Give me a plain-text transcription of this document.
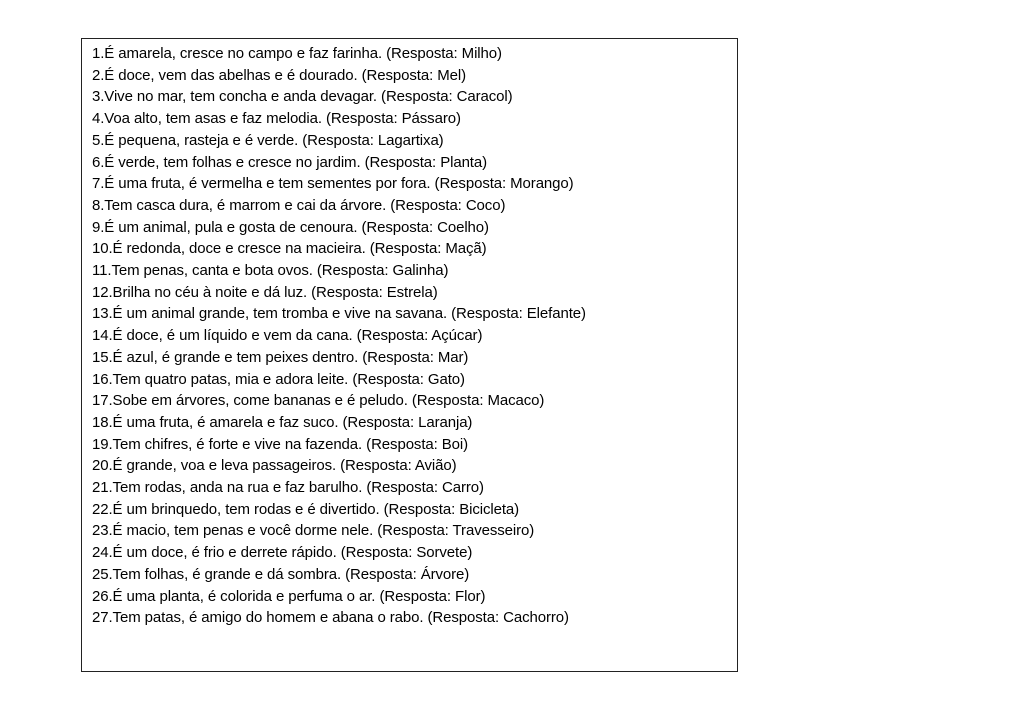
1.É amarela, cresce no campo e faz farinha. (Resposta: Milho)
2.É doce, vem das abelhas e é dourado. (Resposta: Mel)
3.Vive no mar, tem concha e anda devagar. (Resposta: Caracol)
4.Voa alto, tem asas e faz melodia. (Resposta: Pássaro)
5.É pequena, rasteja e é verde. (Resposta: Lagartixa)
6.É verde, tem folhas e cresce no jardim. (Resposta: Planta)
7.É uma fruta, é vermelha e tem sementes por fora. (Resposta: Morango)
8.Tem casca dura, é marrom e cai da árvore. (Resposta: Coco)
9.É um animal, pula e gosta de cenoura. (Resposta: Coelho)
10.É redonda, doce e cresce na macieira. (Resposta: Maçã)
11.Tem penas, canta e bota ovos. (Resposta: Galinha)
12.Brilha no céu à noite e dá luz. (Resposta: Estrela)
13.É um animal grande, tem tromba e vive na savana. (Resposta: Elefante)
14.É doce, é um líquido e vem da cana. (Resposta: Açúcar)
15.É azul, é grande e tem peixes dentro. (Resposta: Mar)
16.Tem quatro patas, mia e adora leite. (Resposta: Gato)
17.Sobe em árvores, come bananas e é peludo. (Resposta: Macaco)
18.É uma fruta, é amarela e faz suco. (Resposta: Laranja)
19.Tem chifres, é forte e vive na fazenda. (Resposta: Boi)
20.É grande, voa e leva passageiros. (Resposta: Avião)
21.Tem rodas, anda na rua e faz barulho. (Resposta: Carro)
22.É um brinquedo, tem rodas e é divertido. (Resposta: Bicicleta)
23.É macio, tem penas e você dorme nele. (Resposta: Travesseiro)
24.É um doce, é frio e derrete rápido. (Resposta: Sorvete)
25.Tem folhas, é grande e dá sombra. (Resposta: Árvore)
26.É uma planta, é colorida e perfuma o ar. (Resposta: Flor)
27.Tem patas, é amigo do homem e abana o rabo. (Resposta: Cachorro)
